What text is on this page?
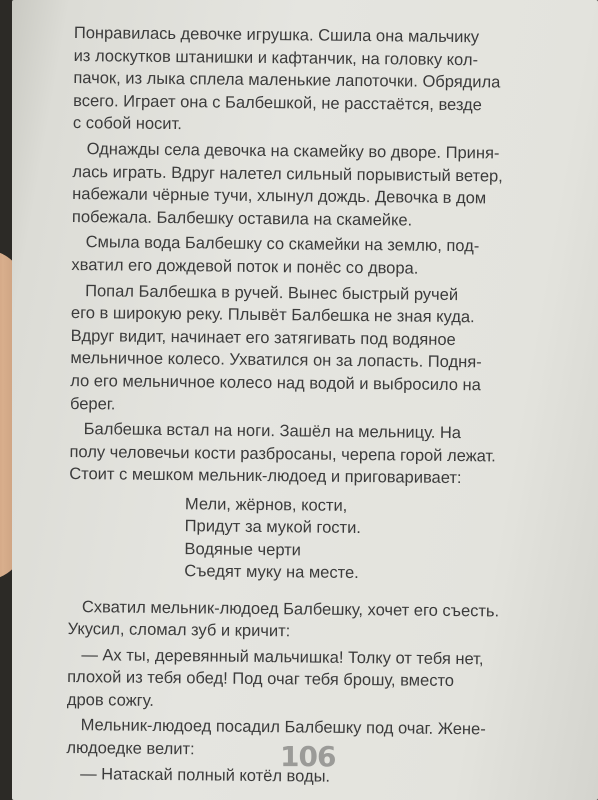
Понравилась девочке игрушка. Сшила она мальчику
из лоскутков штанишки и кафтанчик, на головку кол-
пачок, из лыка сплела маленькие лапоточки. Обрядила
всего. Играет она с Балбешкой, не расстаётся, везде
с собой носит.
Однажды села девочка на скамейку во дворе. Приня-
лась играть. Вдруг налетел сильный порывистый ветер,
набежали чёрные тучи, хлынул дождь. Девочка в дом
побежала. Балбешку оставила на скамейке.
Смыла вода Балбешку со скамейки на землю, под-
хватил его дождевой поток и понёс со двора.
Попал Балбешка в ручей. Вынес быстрый ручей
его в широкую реку. Плывёт Балбешка не зная куда.
Вдруг видит, начинает его затягивать под водяное
мельничное колесо. Ухватился он за лопасть. Подня-
ло его мельничное колесо над водой и выбросило на
берег.
Балбешка встал на ноги. Зашёл на мельницу. На
полу человечьи кости разбросаны, черепа горой лежат.
Стоит с мешком мельник-людоед и приговаривает:
Мели, жёрнов, кости,
Придут за мукой гости.
Водяные черти
Съедят муку на месте.
Схватил мельник-людоед Балбешку, хочет его съесть.
Укусил, сломал зуб и кричит:
— Ах ты, деревянный мальчишка! Толку от тебя нет,
плохой из тебя обед! Под очаг тебя брошу, вместо
дров сожгу.
Мельник-людоед посадил Балбешку под очаг. Жене-
людоедке велит:
— Натаскай полный котёл воды.
106
